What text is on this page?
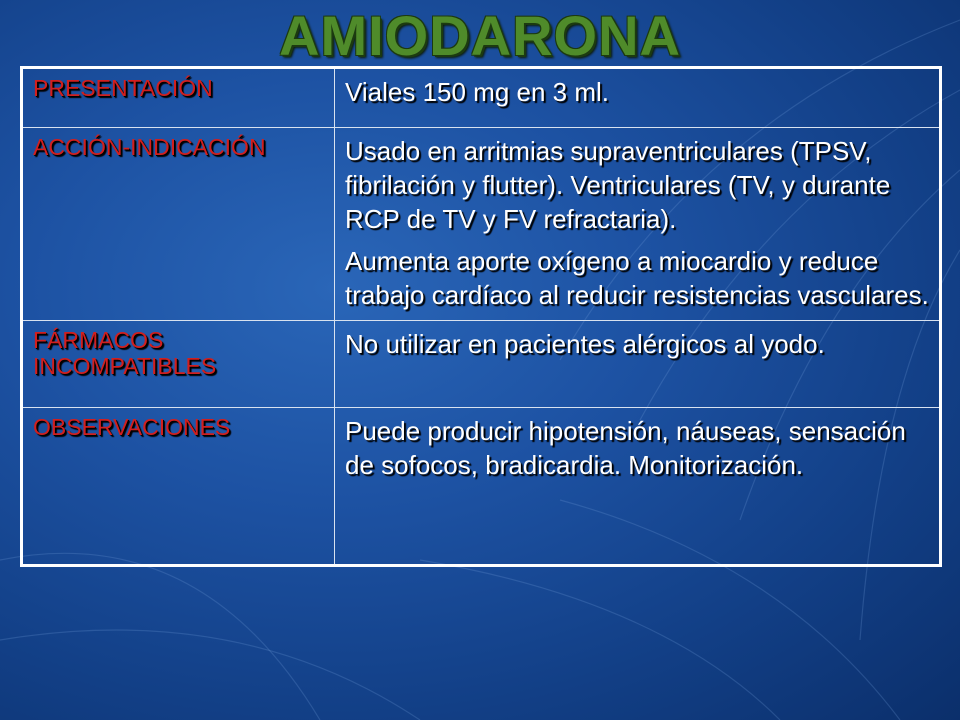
AMIODARONA
PRESENTACIÓN	Viales 150 mg en 3 ml.

ACCIÓN-INDICACIÓN	Usado en arritmias supraventriculares (TPSV, fibrilación y flutter). Ventriculares (TV, y durante RCP de TV y FV refractaria).

Aumenta aporte oxígeno a miocardio y reduce trabajo cardíaco al reducir resistencias vasculares.

FÁRMACOS INCOMPATIBLES	No utilizar en pacientes alérgicos al yodo.

OBSERVACIONES	Puede producir hipotensión, náuseas, sensación de sofocos, bradicardia. Monitorización.
